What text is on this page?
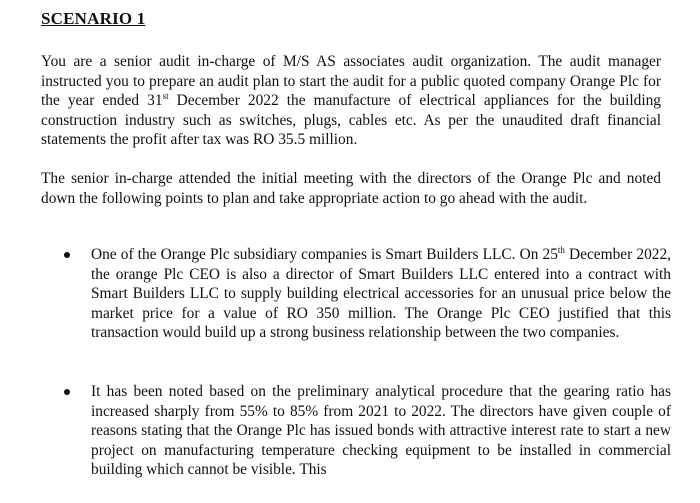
SCENARIO 1

You are a senior audit in-charge of M/S AS associates audit organization. The audit manager instructed you to prepare an audit plan to start the audit for a public quoted company Orange Plc for the year ended 31st December 2022 the manufacture of electrical appliances for the building construction industry such as switches, plugs, cables etc. As per the unaudited draft financial statements the profit after tax was RO 35.5 million.

The senior in-charge attended the initial meeting with the directors of the Orange Plc and noted down the following points to plan and take appropriate action to go ahead with the audit.

One of the Orange Plc subsidiary companies is Smart Builders LLC. On 25th December 2022, the orange Plc CEO is also a director of Smart Builders LLC entered into a contract with Smart Builders LLC to supply building electrical accessories for an unusual price below the market price for a value of RO 350 million. The Orange Plc CEO justified that this transaction would build up a strong business relationship between the two companies.

It has been noted based on the preliminary analytical procedure that the gearing ratio has increased sharply from 55% to 85% from 2021 to 2022. The directors have given couple of reasons stating that the Orange Plc has issued bonds with attractive interest rate to start a new project on manufacturing temperature checking equipment to be installed in commercial building which cannot be visible. This
